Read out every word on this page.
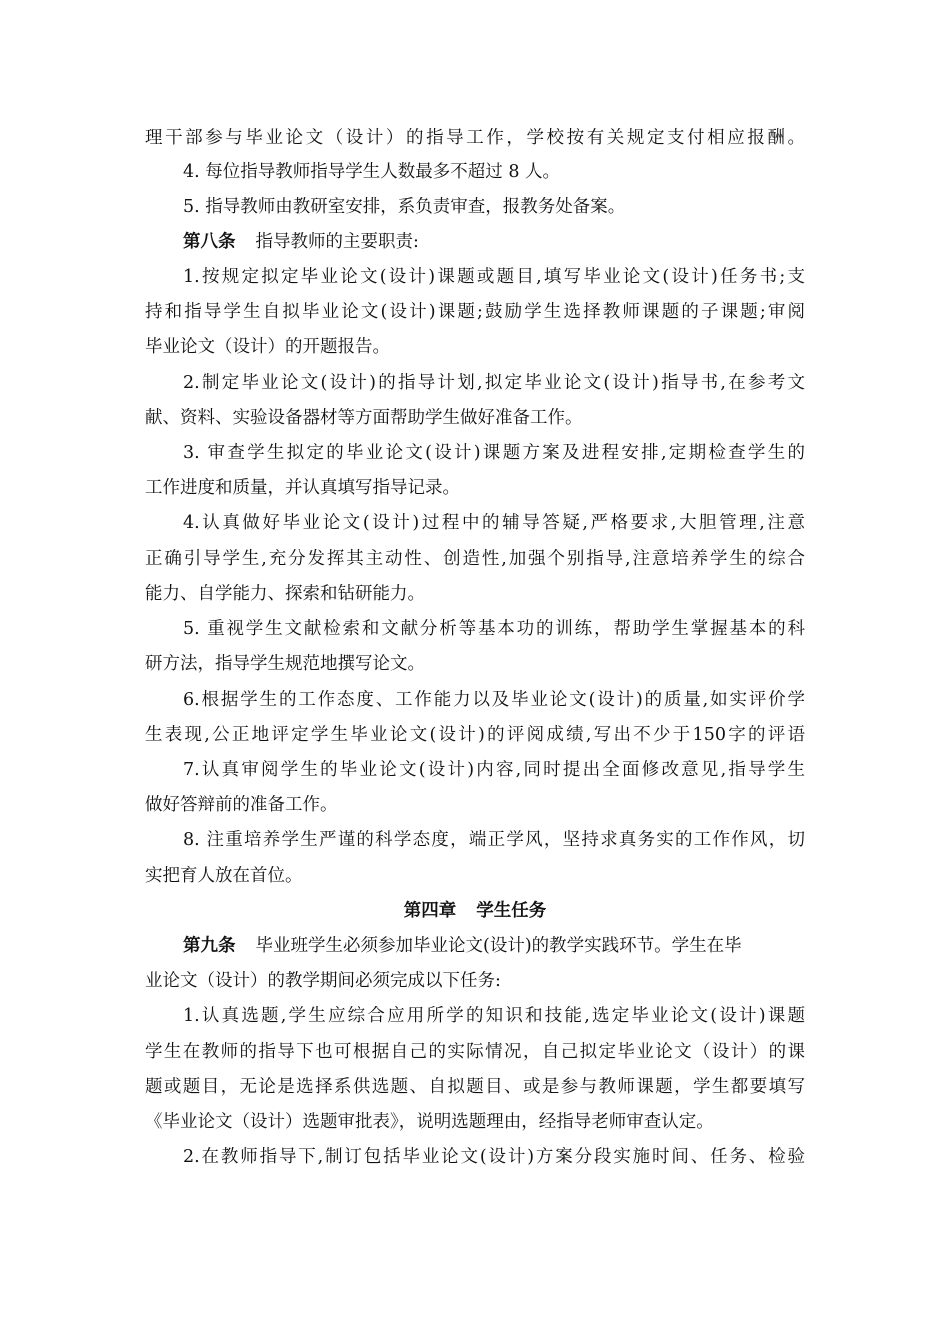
理干部参与毕业论文（设计）的指导工作，学校按有关规定支付相应报酬。
4. 每位指导教师指导学生人数最多不超过 8 人。
5. 指导教师由教研室安排，系负责审查，报教务处备案。
第八条 指导教师的主要职责:
1.按规定拟定毕业论文(设计)课题或题目,填写毕业论文(设计)任务书;支
持和指导学生自拟毕业论文(设计)课题;鼓励学生选择教师课题的子课题;审阅
毕业论文（设计）的开题报告。
2.制定毕业论文(设计)的指导计划,拟定毕业论文(设计)指导书,在参考文
献、资料、实验设备器材等方面帮助学生做好准备工作。
3. 审查学生拟定的毕业论文(设计)课题方案及进程安排,定期检查学生的
工作进度和质量，并认真填写指导记录。
4.认真做好毕业论文(设计)过程中的辅导答疑,严格要求,大胆管理,注意
正确引导学生,充分发挥其主动性、创造性,加强个别指导,注意培养学生的综合
能力、自学能力、探索和钻研能力。
5. 重视学生文献检索和文献分析等基本功的训练，帮助学生掌握基本的科
研方法，指导学生规范地撰写论文。
6.根据学生的工作态度、工作能力以及毕业论文(设计)的质量,如实评价学
生表现,公正地评定学生毕业论文(设计)的评阅成绩,写出不少于150字的评语
7.认真审阅学生的毕业论文(设计)内容,同时提出全面修改意见,指导学生
做好答辩前的准备工作。
8. 注重培养学生严谨的科学态度，端正学风，坚持求真务实的工作作风，切
实把育人放在首位。
第四章 学生任务
第九条 毕业班学生必须参加毕业论文(设计)的教学实践环节。学生在毕
业论文（设计）的教学期间必须完成以下任务:
1.认真选题,学生应综合应用所学的知识和技能,选定毕业论文(设计)课题
学生在教师的指导下也可根据自己的实际情况，自己拟定毕业论文（设计）的课
题或题目，无论是选择系供选题、自拟题目、或是参与教师课题，学生都要填写
《毕业论文（设计）选题审批表》，说明选题理由，经指导老师审查认定。
2.在教师指导下,制订包括毕业论文(设计)方案分段实施时间、任务、检验
